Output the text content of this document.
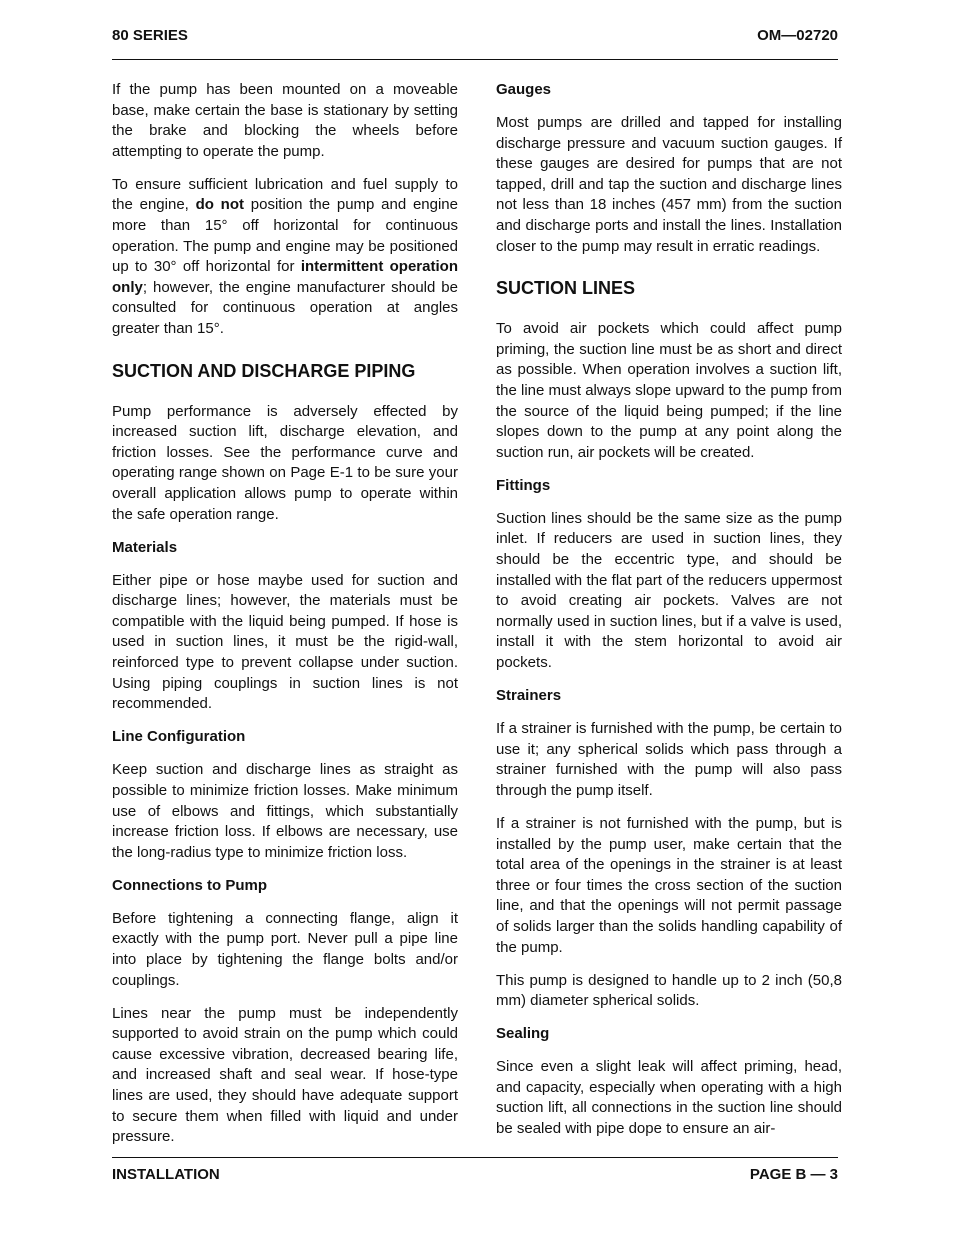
80 SERIES	OM—02720

If the pump has been mounted on a moveable base, make certain the base is stationary by setting the brake and blocking the wheels before attempting to operate the pump.

To ensure sufficient lubrication and fuel supply to the engine, do not position the pump and engine more than 15° off horizontal for continuous operation. The pump and engine may be positioned up to 30° off horizontal for intermittent operation only; however, the engine manufacturer should be consulted for continuous operation at angles greater than 15°.

SUCTION AND DISCHARGE PIPING

Pump performance is adversely effected by increased suction lift, discharge elevation, and friction losses. See the performance curve and operating range shown on Page E-1 to be sure your overall application allows pump to operate within the safe operation range.

Materials

Either pipe or hose maybe used for suction and discharge lines; however, the materials must be compatible with the liquid being pumped. If hose is used in suction lines, it must be the rigid-wall, reinforced type to prevent collapse under suction. Using piping couplings in suction lines is not recommended.

Line Configuration

Keep suction and discharge lines as straight as possible to minimize friction losses. Make minimum use of elbows and fittings, which substantially increase friction loss. If elbows are necessary, use the long-radius type to minimize friction loss.

Connections to Pump

Before tightening a connecting flange, align it exactly with the pump port. Never pull a pipe line into place by tightening the flange bolts and/or couplings.

Lines near the pump must be independently supported to avoid strain on the pump which could cause excessive vibration, decreased bearing life, and increased shaft and seal wear. If hose-type lines are used, they should have adequate support to secure them when filled with liquid and under pressure.

Gauges

Most pumps are drilled and tapped for installing discharge pressure and vacuum suction gauges. If these gauges are desired for pumps that are not tapped, drill and tap the suction and discharge lines not less than 18 inches (457 mm) from the suction and discharge ports and install the lines. Installation closer to the pump may result in erratic readings.

SUCTION LINES

To avoid air pockets which could affect pump priming, the suction line must be as short and direct as possible. When operation involves a suction lift, the line must always slope upward to the pump from the source of the liquid being pumped; if the line slopes down to the pump at any point along the suction run, air pockets will be created.

Fittings

Suction lines should be the same size as the pump inlet. If reducers are used in suction lines, they should be the eccentric type, and should be installed with the flat part of the reducers uppermost to avoid creating air pockets. Valves are not normally used in suction lines, but if a valve is used, install it with the stem horizontal to avoid air pockets.

Strainers

If a strainer is furnished with the pump, be certain to use it; any spherical solids which pass through a strainer furnished with the pump will also pass through the pump itself.

If a strainer is not furnished with the pump, but is installed by the pump user, make certain that the total area of the openings in the strainer is at least three or four times the cross section of the suction line, and that the openings will not permit passage of solids larger than the solids handling capability of the pump.

This pump is designed to handle up to 2 inch (50,8 mm) diameter spherical solids.

Sealing

Since even a slight leak will affect priming, head, and capacity, especially when operating with a high suction lift, all connections in the suction line should be sealed with pipe dope to ensure an air-

INSTALLATION	PAGE B — 3
